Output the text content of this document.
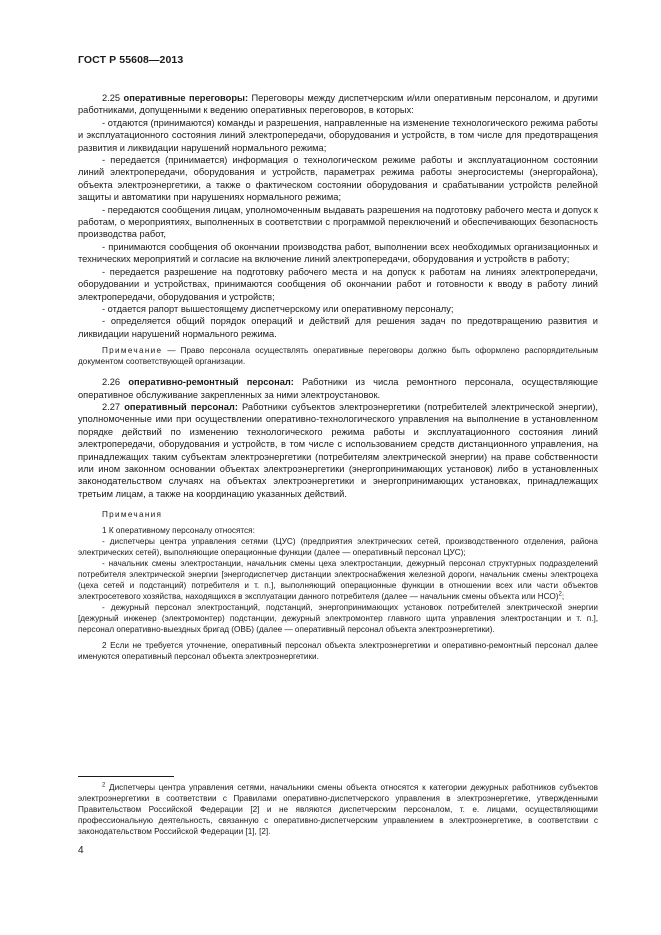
ГОСТ Р 55608—2013

2.25 оперативные переговоры: Переговоры между диспетчерским и/или оперативным персоналом, и другими работниками, допущенными к ведению оперативных переговоров, в которых:

- отдаются (принимаются) команды и разрешения, направленные на изменение технологического режима работы и эксплуатационного состояния линий электропередачи, оборудования и устройств, в том числе для предотвращения развития и ликвидации нарушений нормального режима;

- передается (принимается) информация о технологическом режиме работы и эксплуатационном состоянии линий электропередачи, оборудования и устройств, параметрах режима работы энергосистемы (энергорайона), объекта электроэнергетики, а также о фактическом состоянии оборудования и срабатывании устройств релейной защиты и автоматики при нарушениях нормального режима;

- передаются сообщения лицам, уполномоченным выдавать разрешения на подготовку рабочего места и допуск к работам, о мероприятиях, выполненных в соответствии с программой переключений и обеспечивающих безопасность производства работ,

- принимаются сообщения об окончании производства работ, выполнении всех необходимых организационных и технических мероприятий и согласие на включение линий электропередачи, оборудования и устройств в работу;

- передается разрешение на подготовку рабочего места и на допуск к работам на линиях электропередачи, оборудовании и устройствах, принимаются сообщения об окончании работ и готовности к вводу в работу линий электропередачи, оборудования и устройств;

- отдается рапорт вышестоящему диспетчерскому или оперативному персоналу;

- определяется общий порядок операций и действий для решения задач по предотвращению развития и ликвидации нарушений нормального режима.

Примечание — Право персонала осуществлять оперативные переговоры должно быть оформлено распорядительным документом соответствующей организации.

2.26 оперативно-ремонтный персонал: Работники из числа ремонтного персонала, осуществляющие оперативное обслуживание закрепленных за ними электроустановок.

2.27 оперативный персонал: Работники субъектов электроэнергетики (потребителей электрической энергии), уполномоченные ими при осуществлении оперативно-технологического управления на выполнение в установленном порядке действий по изменению технологического режима работы и эксплуатационного состояния линий электропередачи, оборудования и устройств, в том числе с использованием средств дистанционного управления, на принадлежащих таким субъектам электроэнергетики (потребителям электрической энергии) на праве собственности или ином законном основании объектах электроэнергетики (энергопринимающих установок) либо в установленных законодательством случаях на объектах электроэнергетики и энергопринимающих установках, принадлежащих третьим лицам, а также на координацию указанных действий.

Примечания

1 К оперативному персоналу относятся:

- диспетчеры центра управления сетями (ЦУС) (предприятия электрических сетей, производственного отделения, района электрических сетей), выполняющие операционные функции (далее — оперативный персонал ЦУС);

- начальник смены электростанции, начальник смены цеха электростанции, дежурный персонал структурных подразделений потребителя электрической энергии [энергодиспетчер дистанции электроснабжения железной дороги, начальник смены электроцеха (цеха сетей и подстанций) потребителя и т. п.], выполняющий операционные функции в отношении всех или части объектов электросетевого хозяйства, находящихся в эксплуатации данного потребителя (далее — начальник смены объекта или НСО)$^2$;

- дежурный персонал электростанций, подстанций, энергопринимающих установок потребителей электрической энергии [дежурный инженер (электромонтер) подстанции, дежурный электромонтер главного щита управления электростанции и т. п.], персонал оперативно-выездных бригад (ОВБ) (далее — оперативный персонал объекта электроэнергетики).

2 Если не требуется уточнение, оперативный персонал объекта электроэнергетики и оперативно-ремонтный персонал далее именуются оперативный персонал объекта электроэнергетики.

$^2$ Диспетчеры центра управления сетями, начальники смены объекта относятся к категории дежурных работников субъектов электроэнергетики в соответствии с Правилами оперативно-диспетчерского управления в электроэнергетике, утвержденными Правительством Российской Федерации [2] и не являются диспетчерским персоналом, т. е. лицами, осуществляющими профессиональную деятельность, связанную с оперативно-диспетчерским управлением в электроэнергетике, в соответствии с законодательством Российской Федерации [1], [2].

4
